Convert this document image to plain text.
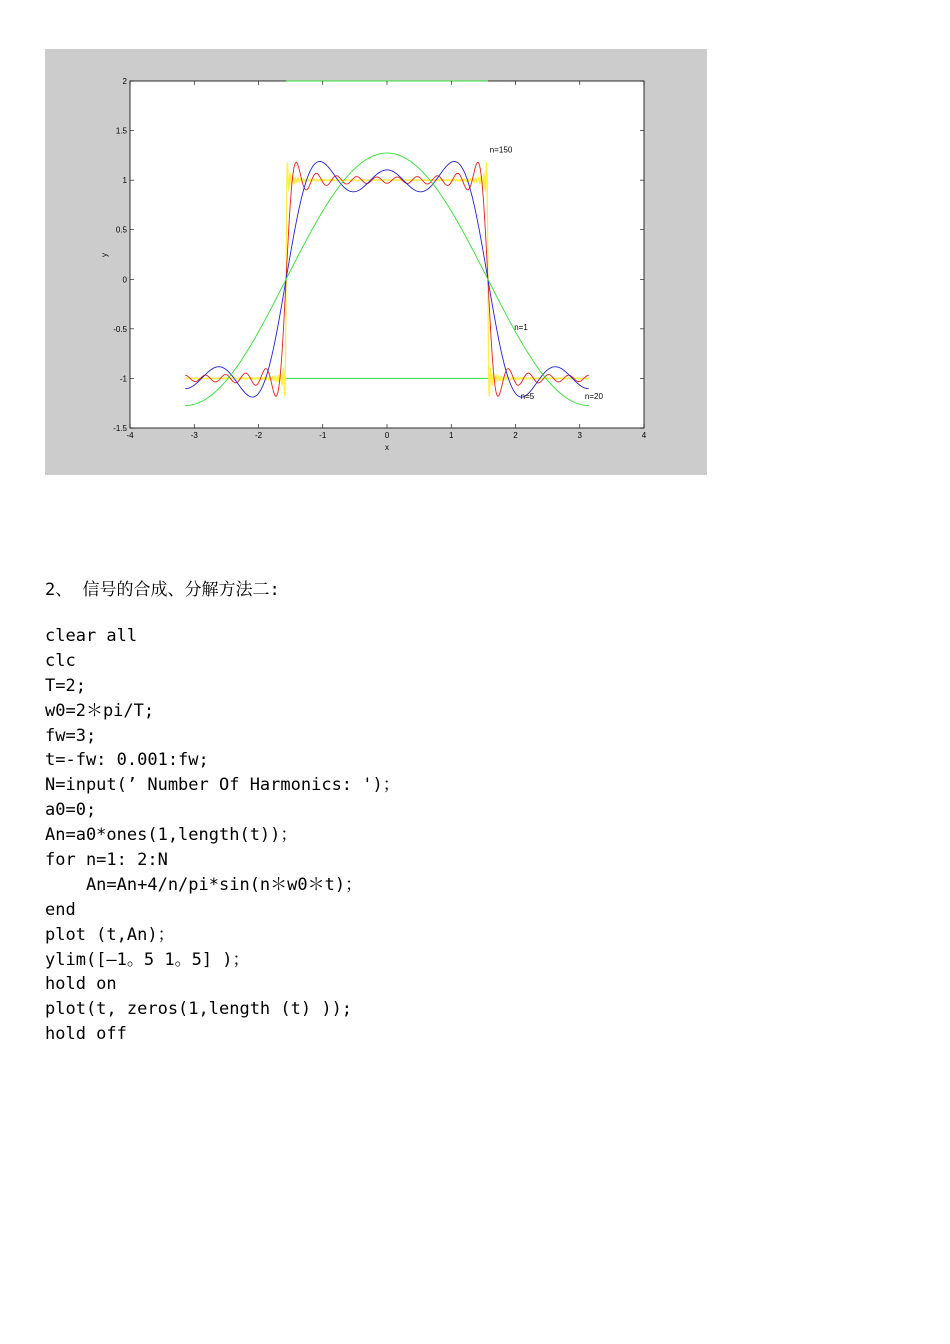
-4	-3	-2	-1	0	1	2	3	4
-1.5
-1
-0.5
0
0.5
1
1.5
2
n=150
n=1
n=5	n=20
x
y
2、 信号的合成、分解方法二:
clear all
clc
T=2;
w0=2＊pi/T;
fw=3;
t=-fw: 0.001:fw;
N=input(’ Number Of Harmonics: ')；
a0=0;
An=a0*ones(1,length(t))；
for n=1: 2:N
An=An+4/n/pi*sin(n＊w0＊t)；
end
plot (t,An)；
ylim([—1。5 1。5] )；
hold on
plot(t, zeros(1,length (t) ));
hold off
